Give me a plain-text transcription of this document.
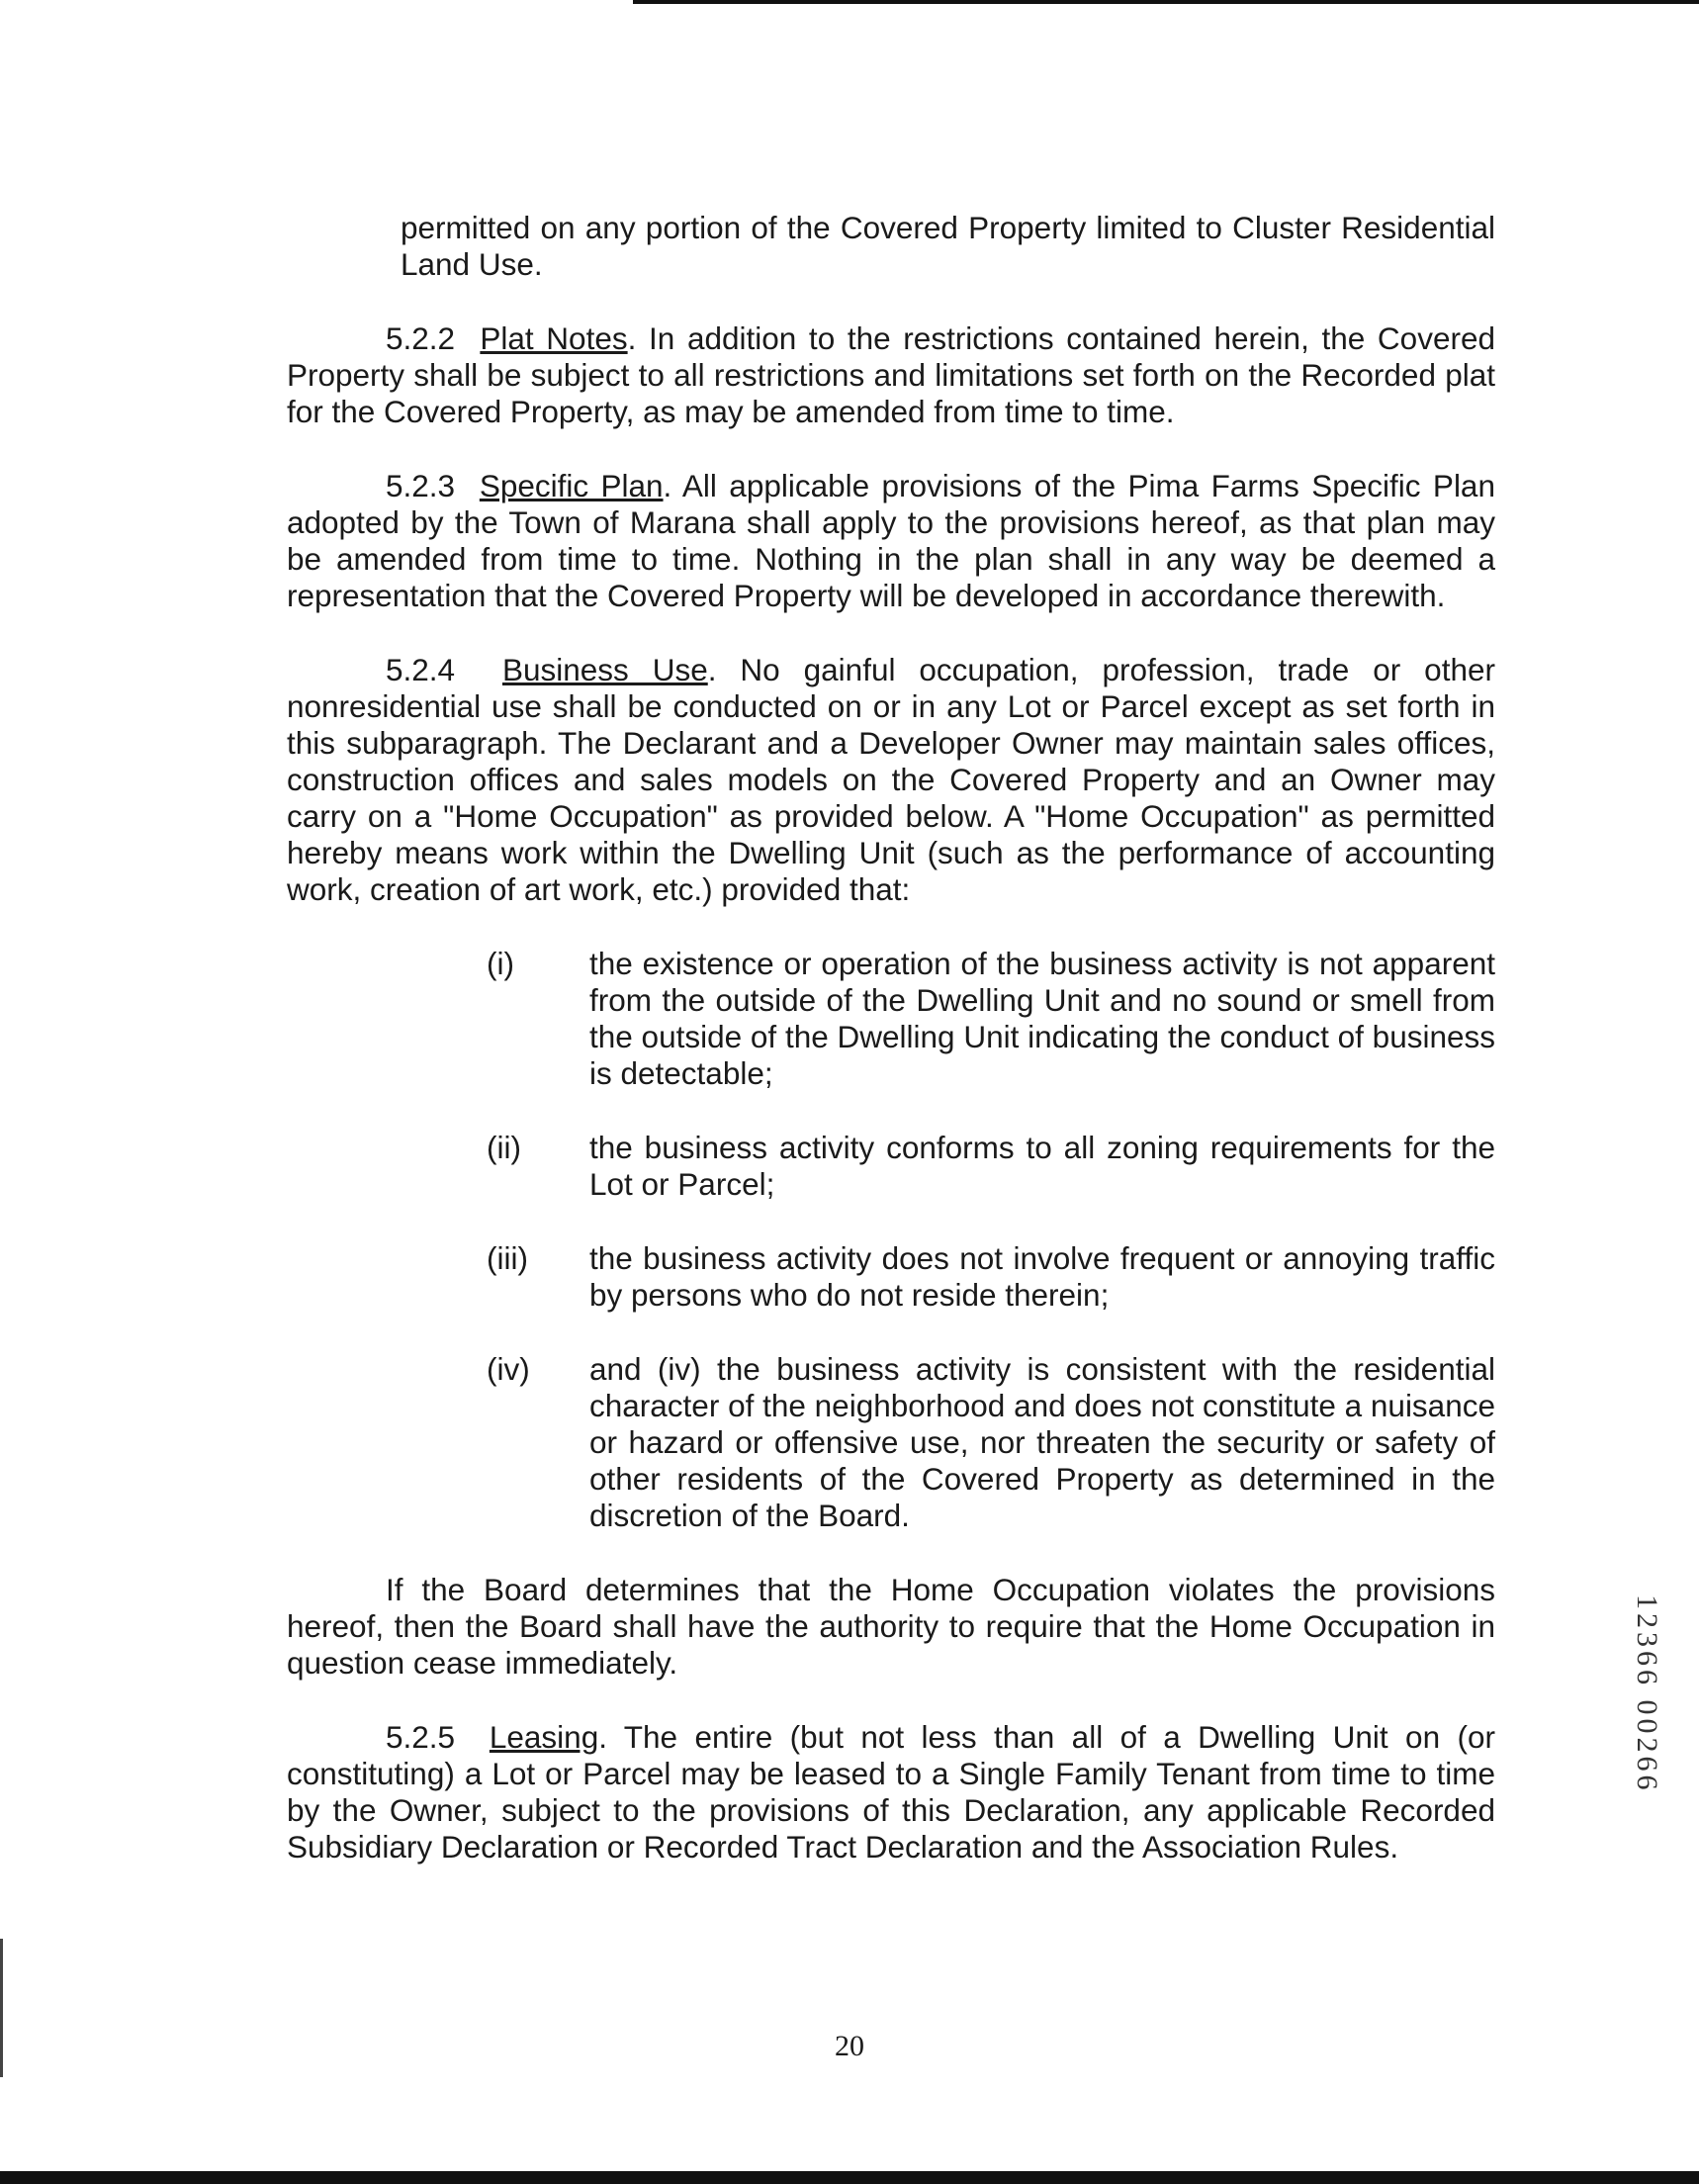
permitted on any portion of the Covered Property limited to Cluster Residential Land Use.

5.2.2 Plat Notes. In addition to the restrictions contained herein, the Covered Property shall be subject to all restrictions and limitations set forth on the Recorded plat for the Covered Property, as may be amended from time to time.

5.2.3 Specific Plan. All applicable provisions of the Pima Farms Specific Plan adopted by the Town of Marana shall apply to the provisions hereof, as that plan may be amended from time to time. Nothing in the plan shall in any way be deemed a representation that the Covered Property will be developed in accordance therewith.

5.2.4 Business Use. No gainful occupation, profession, trade or other nonresidential use shall be conducted on or in any Lot or Parcel except as set forth in this subparagraph. The Declarant and a Developer Owner may maintain sales offices, construction offices and sales models on the Covered Property and an Owner may carry on a "Home Occupation" as provided below. A "Home Occupation" as permitted hereby means work within the Dwelling Unit (such as the performance of accounting work, creation of art work, etc.) provided that:

(i) the existence or operation of the business activity is not apparent from the outside of the Dwelling Unit and no sound or smell from the outside of the Dwelling Unit indicating the conduct of business is detectable;
(ii) the business activity conforms to all zoning requirements for the Lot or Parcel;
(iii) the business activity does not involve frequent or annoying traffic by persons who do not reside therein;
(iv) and (iv) the business activity is consistent with the residential character of the neighborhood and does not constitute a nuisance or hazard or offensive use, nor threaten the security or safety of other residents of the Covered Property as determined in the discretion of the Board.

If the Board determines that the Home Occupation violates the provisions hereof, then the Board shall have the authority to require that the Home Occupation in question cease immediately.

5.2.5 Leasing. The entire (but not less than all of a Dwelling Unit on (or constituting) a Lot or Parcel may be leased to a Single Family Tenant from time to time by the Owner, subject to the provisions of this Declaration, any applicable Recorded Subsidiary Declaration or Recorded Tract Declaration and the Association Rules.

12366 00266
20
